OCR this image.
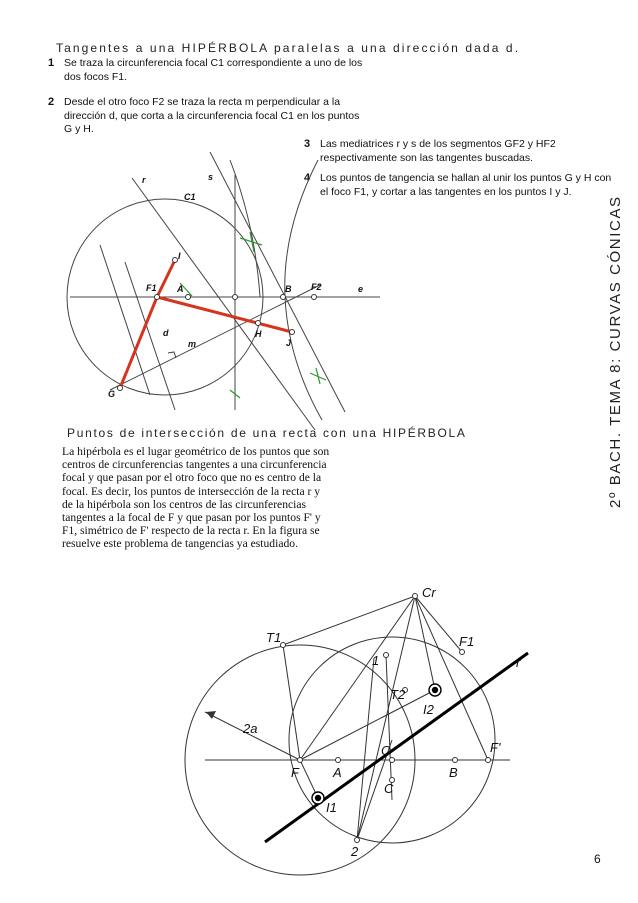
Tangentes a una HIPÉRBOLA paralelas a una dirección dada d.
1 Se traza la circunferencia focal C1 correspondiente a uno de los dos focos F1.
2 Desde el otro foco F2 se traza la recta m perpendicular a la dirección d, que corta a la circunferencia focal C1 en los puntos G y H.
3 Las mediatrices r y s de los segmentos GF2 y HF2 respectivamente son las tangentes buscadas.
4 Los puntos de tangencia se hallan al unir los puntos G y H con el foco F1, y cortar a las tangentes en los puntos I y J.
r	s
C1
I
F1 A	B F2	e
H
J
d
m
G
Puntos de intersección de una recta con una HIPÉRBOLA
La hipérbola es el lugar geométrico de los puntos que son centros de circunferencias tangentes a una circunferencia focal y que pasan por el otro foco que no es centro de la focal. Es decir, los puntos de intersección de la recta r y de la hipérbola son los centros de las circunferencias tangentes a la focal de F y que pasan por los puntos F' y F1, simétrico de F' respecto de la recta r. En la figura se resuelve este problema de tangencias ya estudiado.
Cr
T1
1
F1
r
T2
I2
2a
O	F'
F	A	B
C
I1
2
2º BACH. TEMA 8: CURVAS CÓNICAS
6
